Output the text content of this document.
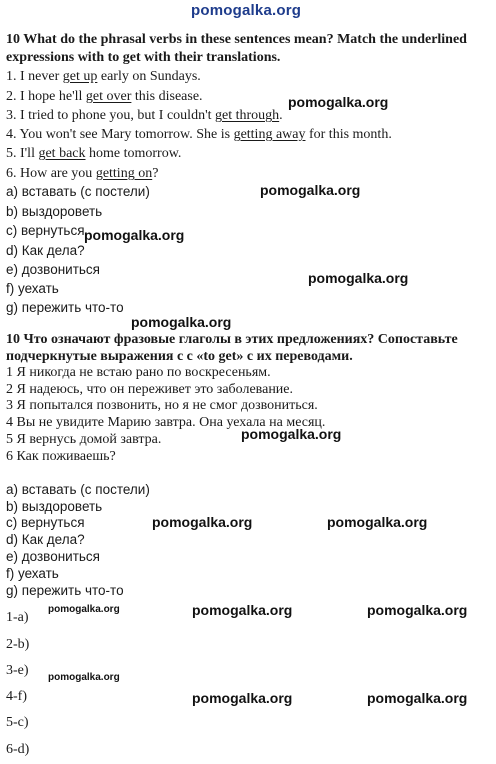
pomogalka.org
10 What do the phrasal verbs in these sentences mean? Match the underlined
expressions with to get with their translations.
1. I never get up early on Sundays.
2. I hope he'll get over this disease.
3. I tried to phone you, but I couldn't get through.
4. You won't see Mary tomorrow. She is getting away for this month.
5. I'll get back home tomorrow.
6. How are you getting on?
a) вставать (с постели)
b) выздороветь
c) вернуться
d) Как дела?
e) дозвониться
f) уехать
g) пережить что-то
10 Что означают фразовые глаголы в этих предложениях? Сопоставьте
подчеркнутые выражения с с «to get» с их переводами.
1 Я никогда не встаю рано по воскресеньям.
2 Я надеюсь, что он переживет это заболевание.
3 Я попытался позвонить, но я не смог дозвониться.
4 Вы не увидите Марию завтра. Она уехала на месяц.
5 Я вернусь домой завтра.
6 Как поживаешь?
a) вставать (с постели)
b) выздороветь
c) вернуться
d) Как дела?
e) дозвониться
f) уехать
g) пережить что-то
1-a)
2-b)
3-e)
4-f)
5-c)
6-d)
pomogalka.org
pomogalka.org
pomogalka.org
pomogalka.org
pomogalka.org
pomogalka.org
pomogalka.org	pomogalka.org
pomogalka.org	pomogalka.org	pomogalka.org
pomogalka.org
pomogalka.org	pomogalka.org
